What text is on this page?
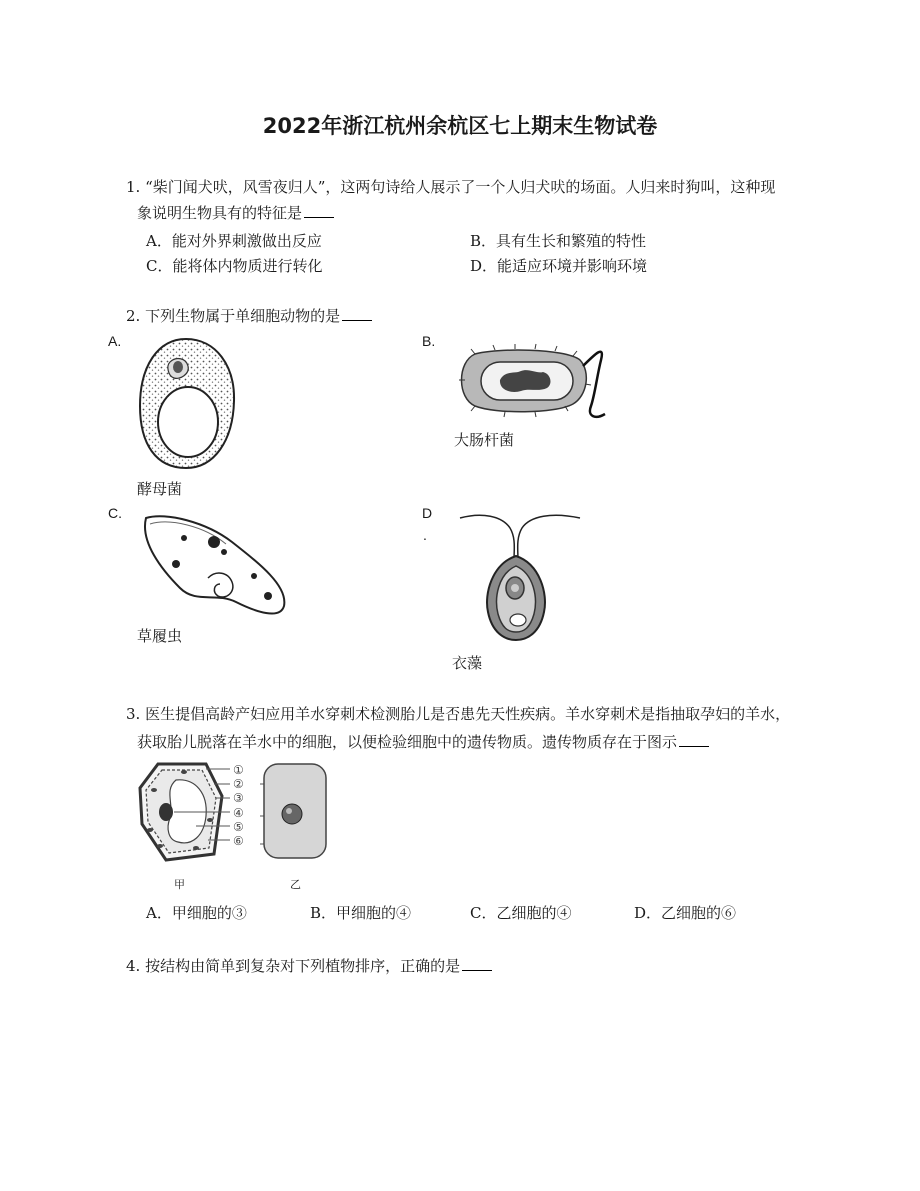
2022年浙江杭州余杭区七上期末生物试卷
1. “柴门闻犬吠，风雪夜归人”，这两句诗给人展示了一个人归犬吠的场面。人归来时狗叫，这种现
象说明生物具有的特征是
A．能对外界刺激做出反应	B．具有生长和繁殖的特性
C．能将体内物质进行转化	D．能适应环境并影响环境
2. 下列生物属于单细胞动物的是
A.	B.
C.	D
.
酵母菌
大肠杆菌
草履虫
衣藻
3. 医生提倡高龄产妇应用羊水穿刺术检测胎儿是否患先天性疾病。羊水穿刺术是指抽取孕妇的羊水，
获取胎儿脱落在羊水中的细胞，以便检验细胞中的遗传物质。遗传物质存在于图示
①
②
③
④
⑤
⑥
甲	乙
A．甲细胞的③	B．甲细胞的④	C．乙细胞的④	D．乙细胞的⑥
4. 按结构由简单到复杂对下列植物排序，正确的是
